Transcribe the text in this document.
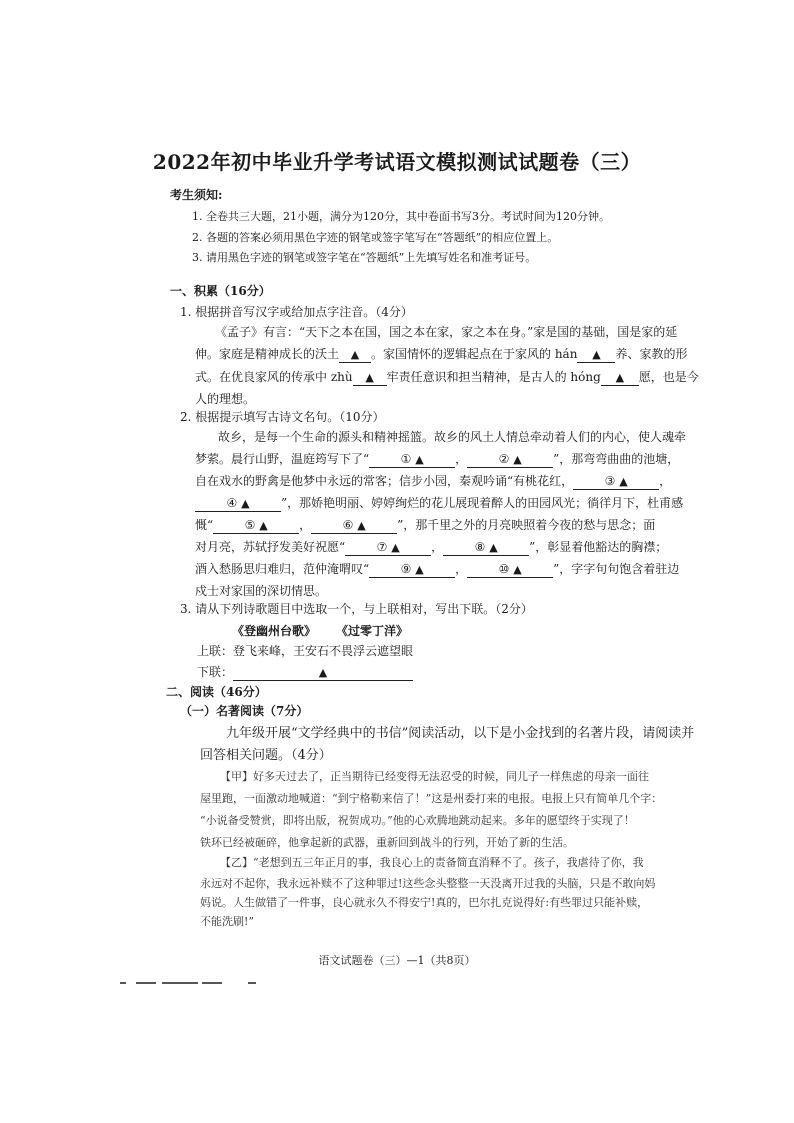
2022年初中毕业升学考试语文模拟测试试题卷（三）
考生须知:
1. 全卷共三大题，21小题，满分为120分，其中卷面书写3分。考试时间为120分钟。
2. 各题的答案必须用黑色字迹的钢笔或签字笔写在“答题纸”的相应位置上。
3. 请用黑色字迹的钢笔或签字笔在“答题纸”上先填写姓名和准考证号。
一、积累（16分）
1. 根据拼音写汉字或给加点字注音。（4分）
《孟子》有言：“天下之本在国，国之本在家，家之本在身。”家是国的基础，国是家的延
伸。家庭是精神成长的沃土 ▲ 。家国情怀的逻辑起点在于家风的 hán ▲ 养、家教的形
式。在优良家风的传承中 zhù ▲ 牢责任意识和担当精神，是古人的 hóng ▲ 愿，也是今
人的理想。
2. 根据提示填写古诗文名句。（10分）
故乡，是每一个生命的源头和精神摇篮。故乡的风土人情总牵动着人们的内心，使人魂牵
梦萦。晨行山野，温庭筠写下了“	① ▲	，	② ▲	”，那弯弯曲曲的池塘，
自在戏水的野禽是他梦中永远的常客；信步小园，秦观吟诵“有桃花红，	③ ▲	，
④ ▲	”，那娇艳明丽、婷婷绚烂的花儿展现着醉人的田园风光；徜徉月下，杜甫感
慨“	⑤ ▲	，	⑥ ▲	”，那千里之外的月亮映照着今夜的愁与思念；面
对月亮，苏轼抒发美好祝愿“	⑦ ▲	，	⑧ ▲	”，彰显着他豁达的胸襟；
酒入愁肠思归难归，范仲淹喟叹“	⑨ ▲	，	⑩ ▲	”，字字句句饱含着驻边
戍士对家国的深切情思。
3. 请从下列诗歌题目中选取一个，与上联相对，写出下联。（2分）
《登幽州台歌》 《过零丁洋》
上联：登飞来峰，王安石不畏浮云遮望眼
下联：	▲
二、阅读（46分）
（一）名著阅读（7分）
九年级开展“文学经典中的书信”阅读活动，以下是小金找到的名著片段，请阅读并
回答相关问题。（4分）
【甲】好多天过去了，正当期待已经变得无法忍受的时候，同儿子一样焦虑的母亲一面往
屋里跑，一面激动地喊道：“到宁格勒来信了！”这是州委打来的电报。电报上只有简单几个字：
“小说备受赞赏，即将出版，祝贺成功。”他的心欢腾地跳动起来。多年的愿望终于实现了！
铁环已经被砸碎，他拿起新的武器，重新回到战斗的行列，开始了新的生活。
【乙】“老想到五三年正月的事，我良心上的责备简直消释不了。孩子，我虐待了你，我
永远对不起你，我永远补赎不了这种罪过!这些念头整整一天没离开过我的头脑，只是不敢向妈
妈说。人生做错了一件事，良心就永久不得安宁!真的，巴尔扎克说得好:有些罪过只能补赎，
不能洗刷!”
语文试题卷（三）—1（共8页）
